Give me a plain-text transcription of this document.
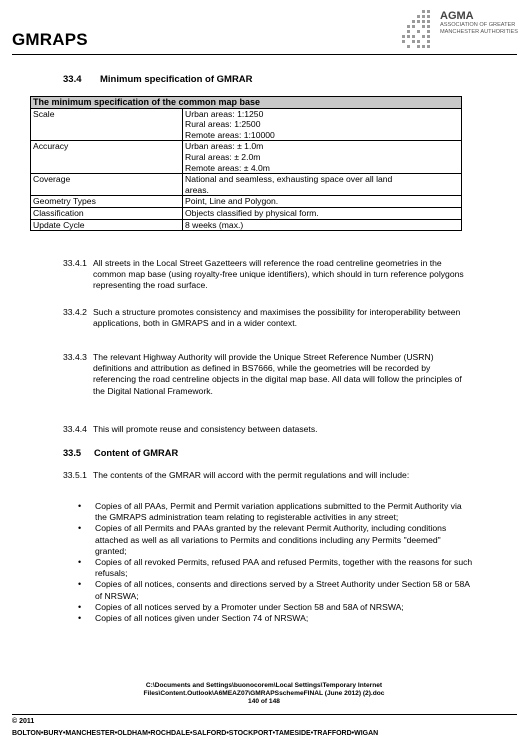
GMRAPS
AGMA
ASSOCIATION OF GREATER MANCHESTER AUTHORITIES
33.4 Minimum specification of GMRAR
The minimum specification of the common map base	
Scale	Urban areas: 1:1250
Rural areas: 1:2500
Remote areas: 1:10000

Accuracy	Urban areas: ± 1.0m
Rural areas: ± 2.0m
Remote areas: ± 4.0m

Coverage	National and seamless, exhausting space over all land
areas.

Geometry Types	Point, Line and Polygon.
Classification	Objects classified by physical form.
Update Cycle	8 weeks (max.)
33.4.1 All streets in the Local Street Gazetteers will reference the road centreline geometries in the common map base (using royalty-free unique identifiers), which should in turn reference polygons representing the road surface.
33.4.2 Such a structure promotes consistency and maximises the possibility for interoperability between applications, both in GMRAPS and in a wider context.
33.4.3 The relevant Highway Authority will provide the Unique Street Reference Number (USRN) definitions and attribution as defined in BS7666, while the geometries will be recorded by referencing the road centreline objects in the digital map base. All data will follow the principles of the Digital National Framework.
33.4.4 This will promote reuse and consistency between datasets.
33.5 Content of GMRAR
33.5.1 The contents of the GMRAR will accord with the permit regulations and will include:
• Copies of all PAAs, Permit and Permit variation applications submitted to the Permit Authority via the GMRAPS administration team relating to registerable activities in any street;
• Copies of all Permits and PAAs granted by the relevant Permit Authority, including conditions attached as well as all variations to Permits and conditions including any Permits "deemed" granted;
• Copies of all revoked Permits, refused PAA and refused Permits, together with the reasons for such refusals;
• Copies of all notices, consents and directions served by a Street Authority under Section 58 or 58A of NRSWA;
• Copies of all notices served by a Promoter under Section 58 and 58A of NRSWA;
• Copies of all notices given under Section 74 of NRSWA;
C:\Documents and Settings\buonocorem\Local Settings\Temporary Internet
Files\Content.Outlook\A6MEAZ07\GMRAPSschemeFINAL (June 2012) (2).doc
140 of 148
© 2011
BOLTON•BURY•MANCHESTER•OLDHAM•ROCHDALE•SALFORD•STOCKPORT•TAMESIDE•TRAFFORD•WIGAN
